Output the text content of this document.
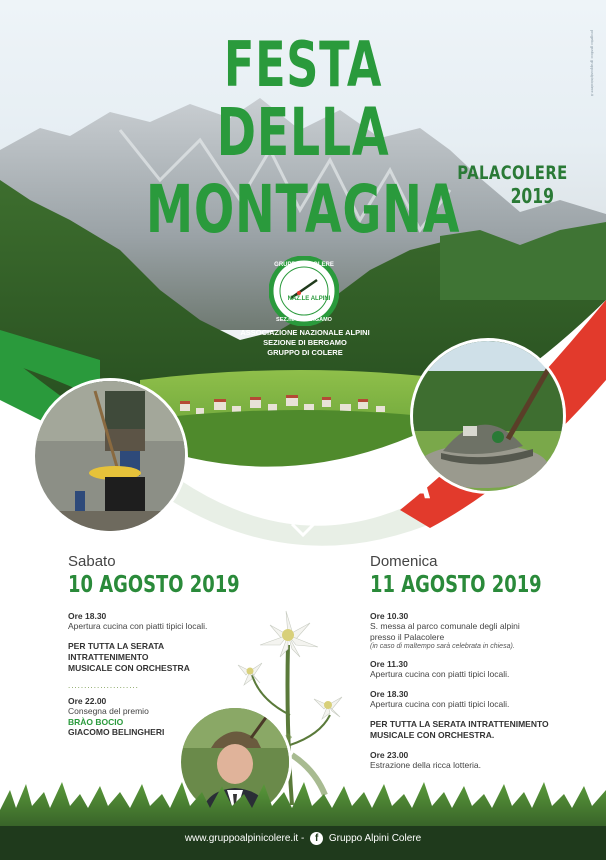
progetto grafico: gruppoalpinicolere.it
FESTA
DELLA MONTAGNA
PALACOLERE
2019
GRUPPO di COLERE
NAZ.LE ALPINI
SEZ.ne DI BERGAMO
ASSOCIAZIONE NAZIONALE ALPINI
SEZIONE DI BERGAMO
GRUPPO DI COLERE
PROGRAMMA
Sabato
10 AGOSTO 2019
Ore 18.30
Apertura cucina con piatti tipici locali.
PER TUTTA LA SERATA
INTRATTENIMENTO
MUSICALE CON ORCHESTRA
......................
Ore 22.00
Consegna del premio
BRÀO BOCIO
GIACOMO BELINGHERI
Domenica
11 AGOSTO 2019
Ore 10.30
S. messa al parco comunale degli alpini
presso il Palacolere
(in caso di maltempo sarà celebrata in chiesa).
Ore 11.30
Apertura cucina con piatti tipici locali.
Ore 18.30
Apertura cucina con piatti tipici locali.
PER TUTTA LA SERATA INTRATTENIMENTO
MUSICALE CON ORCHESTRA.
Ore 23.00
Estrazione della ricca lotteria.
www.gruppoalpinicolere.it - f Gruppo Alpini Colere
